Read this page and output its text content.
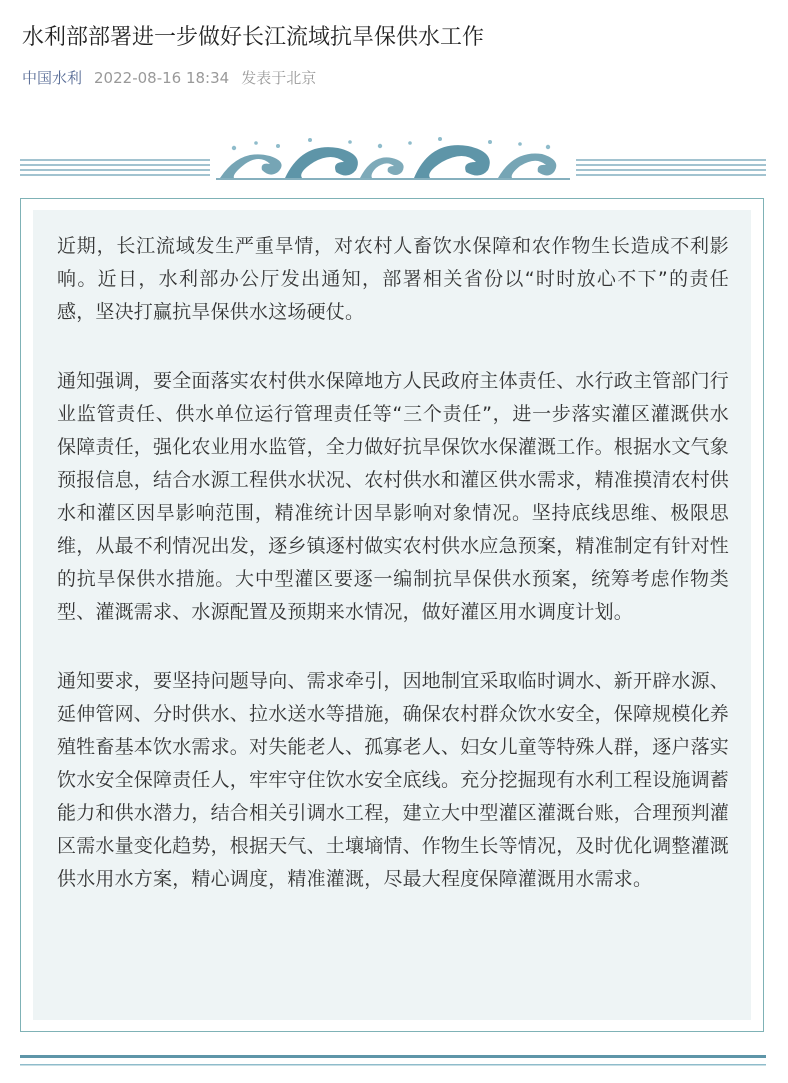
水利部部署进一步做好长江流域抗旱保供水工作
中国水利 2022-08-16 18:34 发表于北京

近期，长江流域发生严重旱情，对农村人畜饮水保障和农作物生长造成不利影响。近日，水利部办公厅发出通知，部署相关省份以“时时放心不下”的责任感，坚决打赢抗旱保供水这场硬仗。

通知强调，要全面落实农村供水保障地方人民政府主体责任、水行政主管部门行业监管责任、供水单位运行管理责任等“三个责任”，进一步落实灌区灌溉供水保障责任，强化农业用水监管，全力做好抗旱保饮水保灌溉工作。根据水文气象预报信息，结合水源工程供水状况、农村供水和灌区供水需求，精准摸清农村供水和灌区因旱影响范围，精准统计因旱影响对象情况。坚持底线思维、极限思维，从最不利情况出发，逐乡镇逐村做实农村供水应急预案，精准制定有针对性的抗旱保供水措施。大中型灌区要逐一编制抗旱保供水预案，统筹考虑作物类型、灌溉需求、水源配置及预期来水情况，做好灌区用水调度计划。

通知要求，要坚持问题导向、需求牵引，因地制宜采取临时调水、新开辟水源、延伸管网、分时供水、拉水送水等措施，确保农村群众饮水安全，保障规模化养殖牲畜基本饮水需求。对失能老人、孤寡老人、妇女儿童等特殊人群，逐户落实饮水安全保障责任人，牢牢守住饮水安全底线。充分挖掘现有水利工程设施调蓄能力和供水潜力，结合相关引调水工程，建立大中型灌区灌溉台账，合理预判灌区需水量变化趋势，根据天气、土壤墒情、作物生长等情况，及时优化调整灌溉供水用水方案，精心调度，精准灌溉，尽最大程度保障灌溉用水需求。
